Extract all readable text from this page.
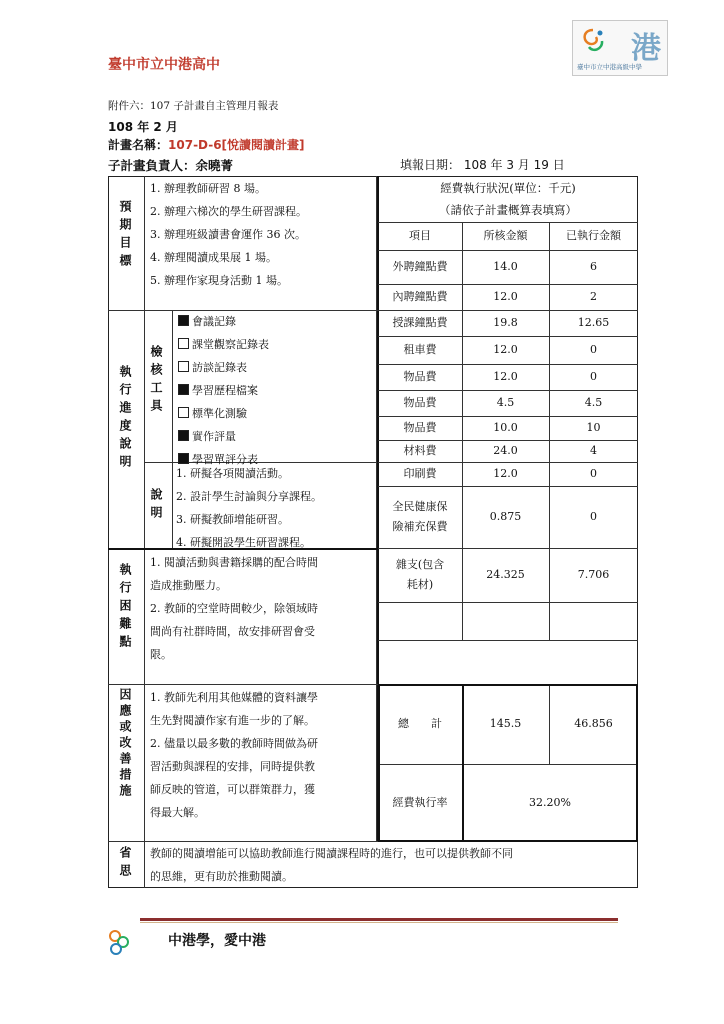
臺中市立中港高中	港
臺中市立中港高級中學
附件六：107 子計畫自主管理月報表
108 年 2 月
計畫名稱：107-D-6[悅讀閱讀計畫]
子計畫負責人：余曉菁	填報日期： 108 年 3 月 19 日
預期目標
1. 辦理教師研習 8 場。
2. 辦理六梯次的學生研習課程。
3. 辦理班級讀書會運作 36 次。
4. 辦理閱讀成果展 1 場。
5. 辦理作家現身活動 1 場。
執行進度說明 檢核工具
會議記錄
課堂觀察記錄表
訪談記錄表
學習歷程檔案
標準化測驗
實作評量
學習單評分表
說明
1. 研擬各項閱讀活動。
2. 設計學生討論與分享課程。
3. 研擬教師增能研習。
4. 研擬開設學生研習課程。
執行困難點
1. 閱讀活動與書籍採購的配合時間
造成推動壓力。
2. 教師的空堂時間較少，除領域時
間尚有社群時間，故安排研習會受
限。
因應或改善措施 1. 教師先利用其他媒體的資料讓學
生先對閱讀作家有進一步的了解。
2. 儘量以最多數的教師時間做為研
習活動與課程的安排，同時提供教
師反映的管道，可以群策群力，獲
得最大解。
省思 教師的閱讀增能可以協助教師進行閱讀課程時的進行，也可以提供教師不同
的思維，更有助於推動閱讀。
經費執行狀況(單位：千元)
（請依子計畫概算表填寫）
項目	所核金額	已執行金額
外聘鐘點費	14.0	6
內聘鐘點費	12.0	2
授課鐘點費	19.8	12.65
租車費	12.0	0
物品費	12.0	0
物品費	4.5	4.5
物品費	10.0	10
材料費	24.0	4
印刷費	12.0	0
全民健康保
險補充保費
0.875	0
雜支(包含
耗材)
24.325	7.706
總　　計	145.5	46.856
經費執行率	32.20%
中港學，愛中港
